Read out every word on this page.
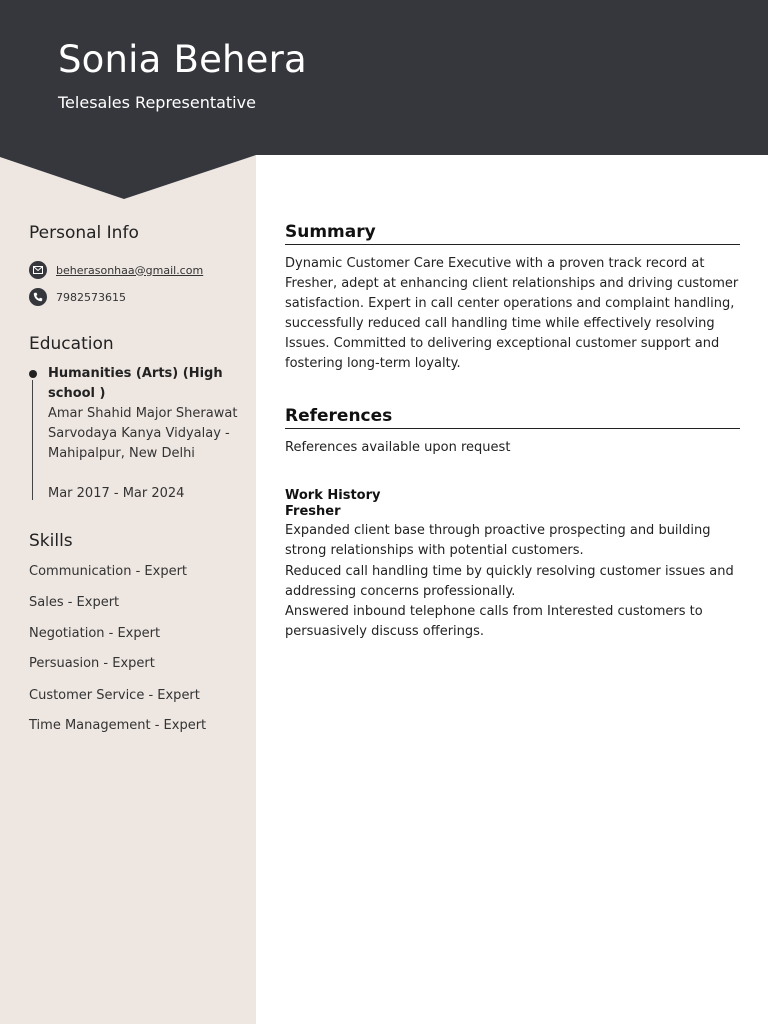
Sonia Behera
Telesales Representative
Personal Info
beherasonhaa@gmail.com
7982573615
Education
Humanities (Arts) (High school )
Amar Shahid Major Sherawat Sarvodaya Kanya Vidyalay - Mahipalpur, New Delhi
Mar 2017 - Mar 2024
Skills
Communication - Expert
Sales - Expert
Negotiation - Expert
Persuasion - Expert
Customer Service - Expert
Time Management - Expert
Summary
Dynamic Customer Care Executive with a proven track record at Fresher, adept at enhancing client relationships and driving customer satisfaction. Expert in call center operations and complaint handling, successfully reduced call handling time while effectively resolving Issues. Committed to delivering exceptional customer support and fostering long-term loyalty.
References
References available upon request
Work History
Fresher
Expanded client base through proactive prospecting and building strong relationships with potential customers.
Reduced call handling time by quickly resolving customer issues and addressing concerns professionally.
Answered inbound telephone calls from Interested customers to persuasively discuss offerings.
